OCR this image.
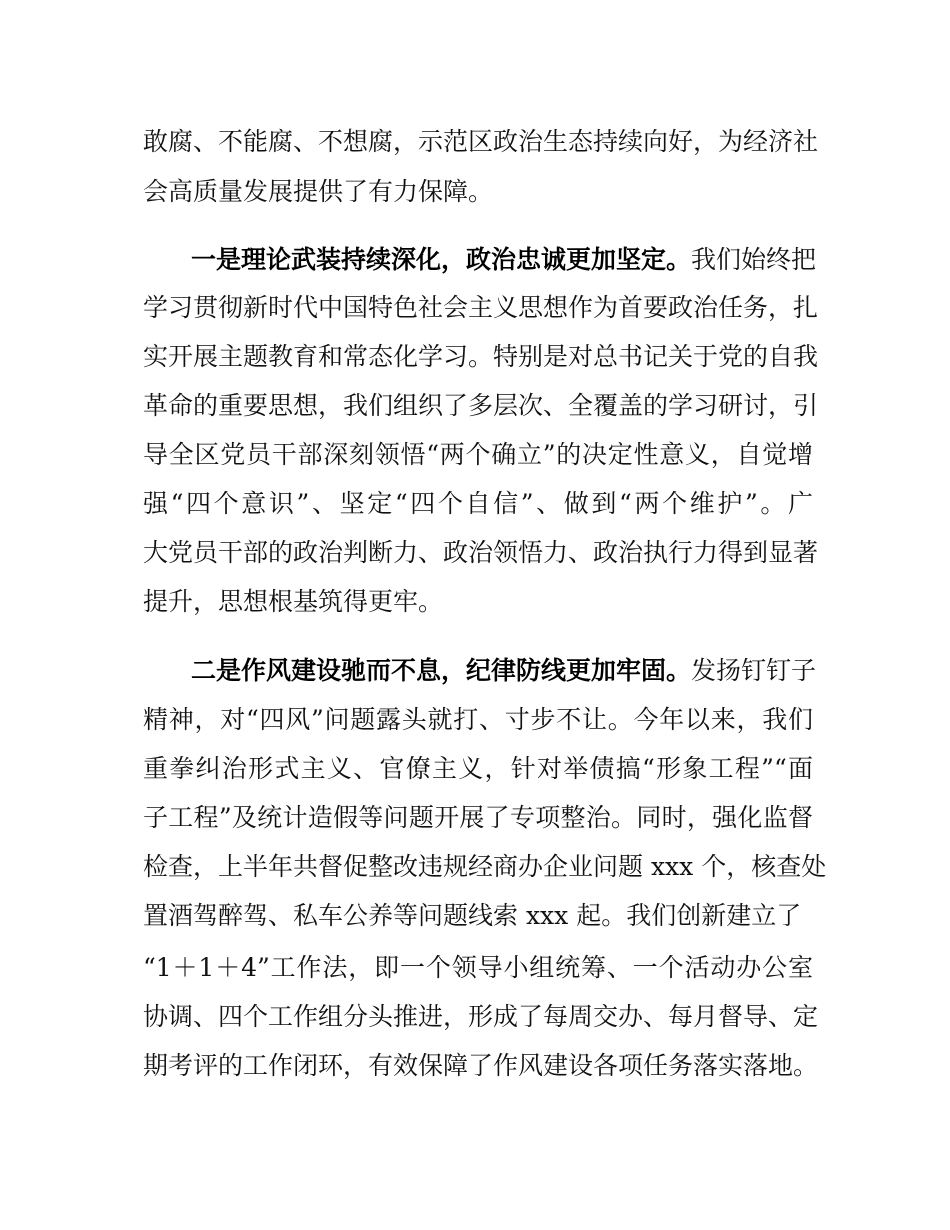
敢腐、不能腐、不想腐，示范区政治生态持续向好，为经济社

会高质量发展提供了有力保障。

一是理论武装持续深化，政治忠诚更加坚定。我们始终把

学习贯彻新时代中国特色社会主义思想作为首要政治任务，扎

实开展主题教育和常态化学习。特别是对总书记关于党的自我

革命的重要思想，我们组织了多层次、全覆盖的学习研讨，引

导全区党员干部深刻领悟“两个确立”的决定性意义，自觉增

强“四个意识”、坚定“四个自信”、做到“两个维护”。广

大党员干部的政治判断力、政治领悟力、政治执行力得到显著

提升，思想根基筑得更牢。

二是作风建设驰而不息，纪律防线更加牢固。发扬钉钉子

精神，对“四风”问题露头就打、寸步不让。今年以来，我们

重拳纠治形式主义、官僚主义，针对举债搞“形象工程”“面

子工程”及统计造假等问题开展了专项整治。同时，强化监督

检查，上半年共督促整改违规经商办企业问题 xxx 个，核查处

置酒驾醉驾、私车公养等问题线索 xxx 起。我们创新建立了

“1＋1＋4”工作法，即一个领导小组统筹、一个活动办公室

协调、四个工作组分头推进，形成了每周交办、每月督导、定

期考评的工作闭环，有效保障了作风建设各项任务落实落地。
